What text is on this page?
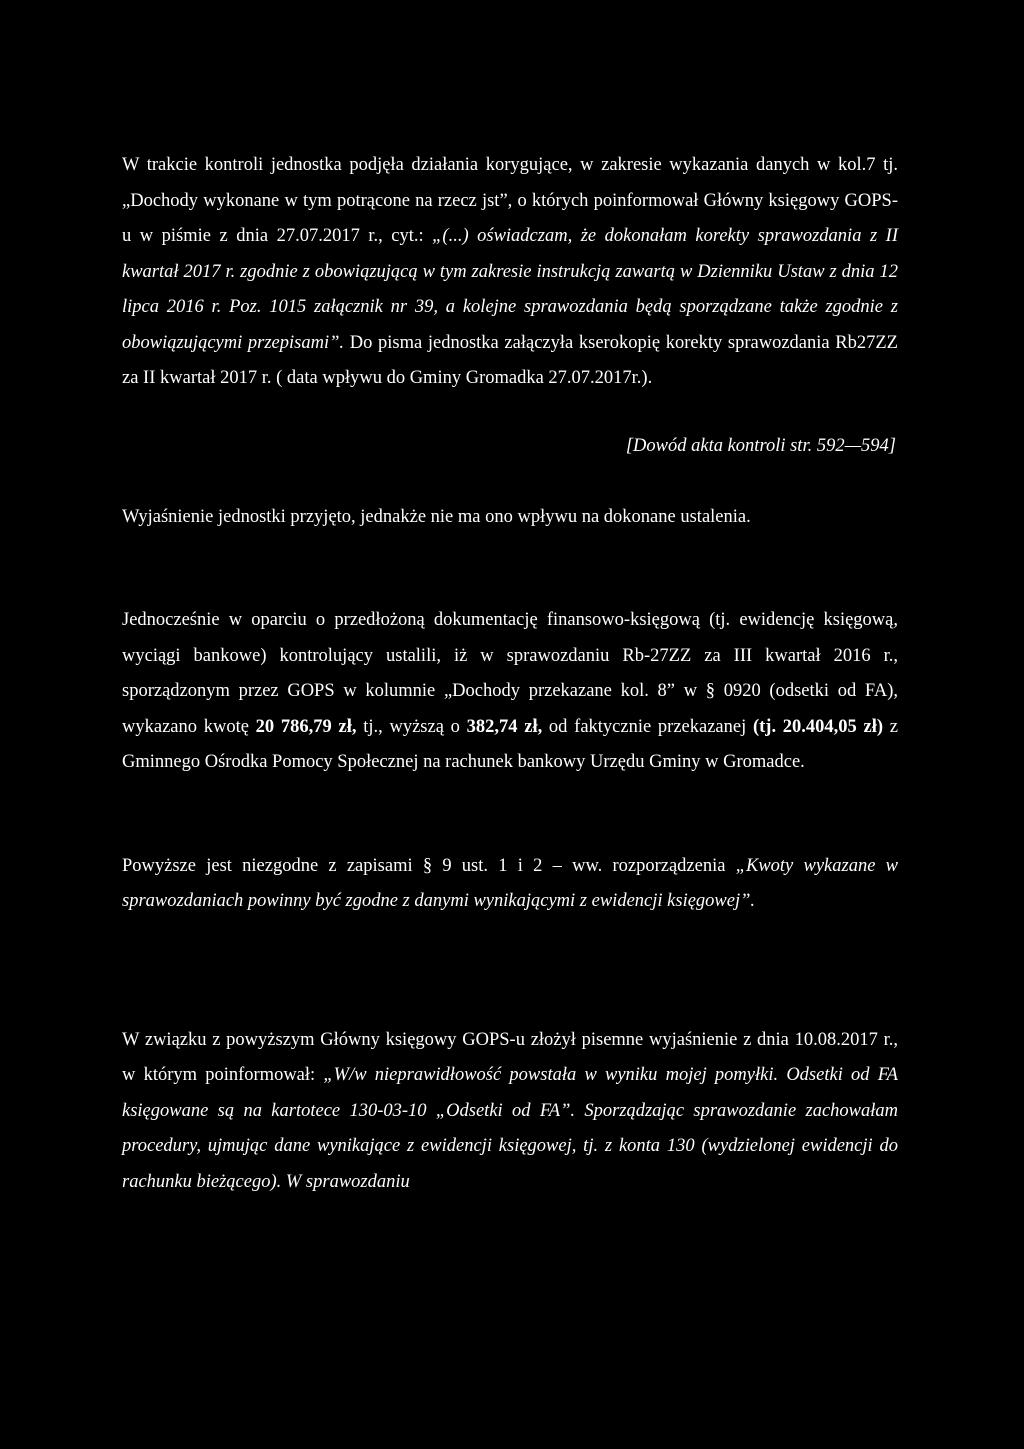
W trakcie kontroli jednostka podjęła działania korygujące, w zakresie wykazania danych w kol.7 tj. „Dochody wykonane w tym potrącone na rzecz jst”, o których poinformował Główny księgowy GOPS-u w piśmie z dnia 27.07.2017 r., cyt.: „(...) oświadczam, że dokonałam korekty sprawozdania z II kwartał 2017 r. zgodnie z obowiązującą w tym zakresie instrukcją zawartą w Dzienniku Ustaw z dnia 12 lipca 2016 r. Poz. 1015 załącznik nr 39, a kolejne sprawozdania będą sporządzane także zgodnie z obowiązującymi przepisami”. Do pisma jednostka załączyła kserokopię korekty sprawozdania Rb27ZZ za II kwartał 2017 r. ( data wpływu do Gminy Gromadka 27.07.2017r.).

[Dowód akta kontroli str. 592—594]

Wyjaśnienie jednostki przyjęto, jednakże nie ma ono wpływu na dokonane ustalenia.

Jednocześnie w oparciu o przedłożoną dokumentację finansowo-księgową (tj. ewidencję księgową, wyciągi bankowe) kontrolujący ustalili, iż w sprawozdaniu Rb-27ZZ za III kwartał 2016 r., sporządzonym przez GOPS w kolumnie „Dochody przekazane kol. 8” w § 0920 (odsetki od FA), wykazano kwotę 20 786,79 zł, tj., wyższą o 382,74 zł, od faktycznie przekazanej (tj. 20.404,05 zł) z Gminnego Ośrodka Pomocy Społecznej na rachunek bankowy Urzędu Gminy w Gromadce.

Powyższe jest niezgodne z zapisami § 9 ust. 1 i 2 – ww. rozporządzenia „Kwoty wykazane w sprawozdaniach powinny być zgodne z danymi wynikającymi z ewidencji księgowej”.

W związku z powyższym Główny księgowy GOPS-u złożył pisemne wyjaśnienie z dnia 10.08.2017 r., w którym poinformował: „W/w nieprawidłowość powstała w wyniku mojej pomyłki. Odsetki od FA księgowane są na kartotece 130-03-10 „Odsetki od FA”. Sporządzając sprawozdanie zachowałam procedury, ujmując dane wynikające z ewidencji księgowej, tj. z konta 130 (wydzielonej ewidencji do rachunku bieżącego). W sprawozdaniu
